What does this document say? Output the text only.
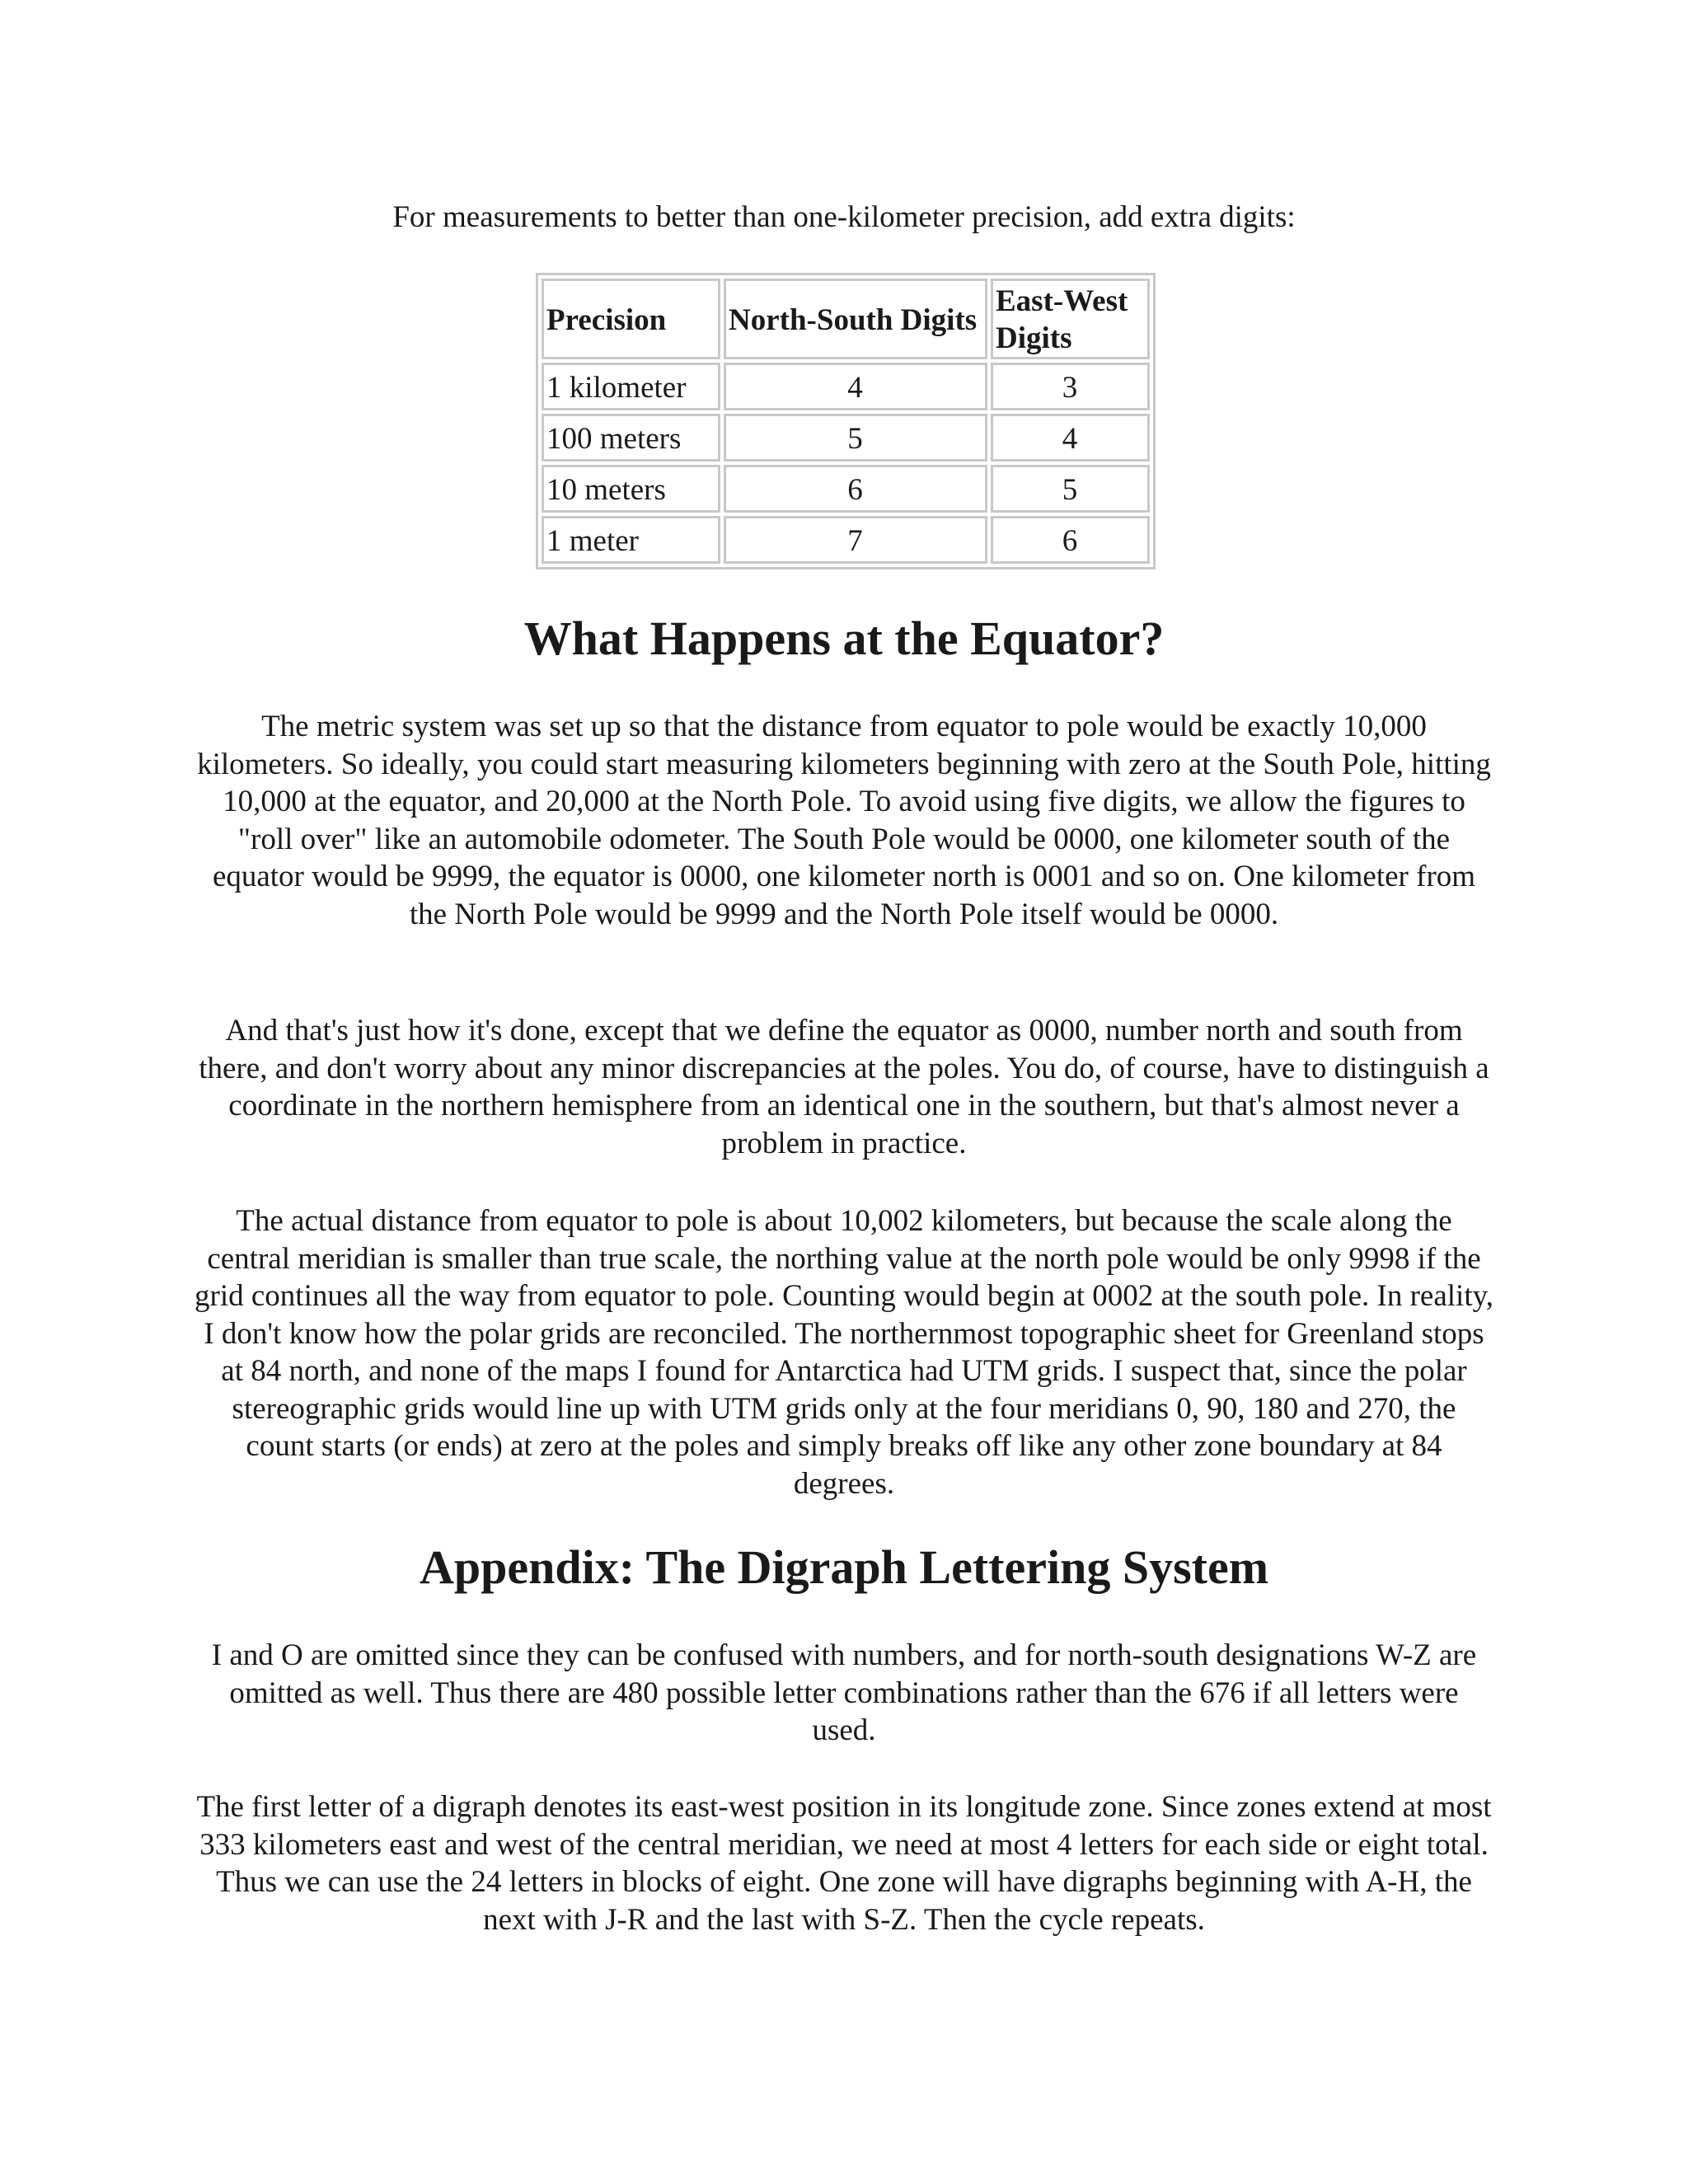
For measurements to better than one-kilometer precision, add extra digits:

Precision	North-South Digits	East-West Digits
1 kilometer	4	3
100 meters	5	4
10 meters	6	5
1 meter	7	6
What Happens at the Equator?

The metric system was set up so that the distance from equator to pole would be exactly 10,000 kilometers. So ideally, you could start measuring kilometers beginning with zero at the South Pole, hitting 10,000 at the equator, and 20,000 at the North Pole. To avoid using five digits, we allow the figures to "roll over" like an automobile odometer. The South Pole would be 0000, one kilometer south of the equator would be 9999, the equator is 0000, one kilometer north is 0001 and so on. One kilometer from the North Pole would be 9999 and the North Pole itself would be 0000.

And that's just how it's done, except that we define the equator as 0000, number north and south from there, and don't worry about any minor discrepancies at the poles. You do, of course, have to distinguish a coordinate in the northern hemisphere from an identical one in the southern, but that's almost never a problem in practice.

The actual distance from equator to pole is about 10,002 kilometers, but because the scale along the central meridian is smaller than true scale, the northing value at the north pole would be only 9998 if the grid continues all the way from equator to pole. Counting would begin at 0002 at the south pole. In reality, I don't know how the polar grids are reconciled. The northernmost topographic sheet for Greenland stops at 84 north, and none of the maps I found for Antarctica had UTM grids. I suspect that, since the polar stereographic grids would line up with UTM grids only at the four meridians 0, 90, 180 and 270, the count starts (or ends) at zero at the poles and simply breaks off like any other zone boundary at 84 degrees.

Appendix: The Digraph Lettering System

I and O are omitted since they can be confused with numbers, and for north-south designations W-Z are omitted as well. Thus there are 480 possible letter combinations rather than the 676 if all letters were used.

The first letter of a digraph denotes its east-west position in its longitude zone. Since zones extend at most 333 kilometers east and west of the central meridian, we need at most 4 letters for each side or eight total. Thus we can use the 24 letters in blocks of eight. One zone will have digraphs beginning with A-H, the next with J-R and the last with S-Z. Then the cycle repeats.
